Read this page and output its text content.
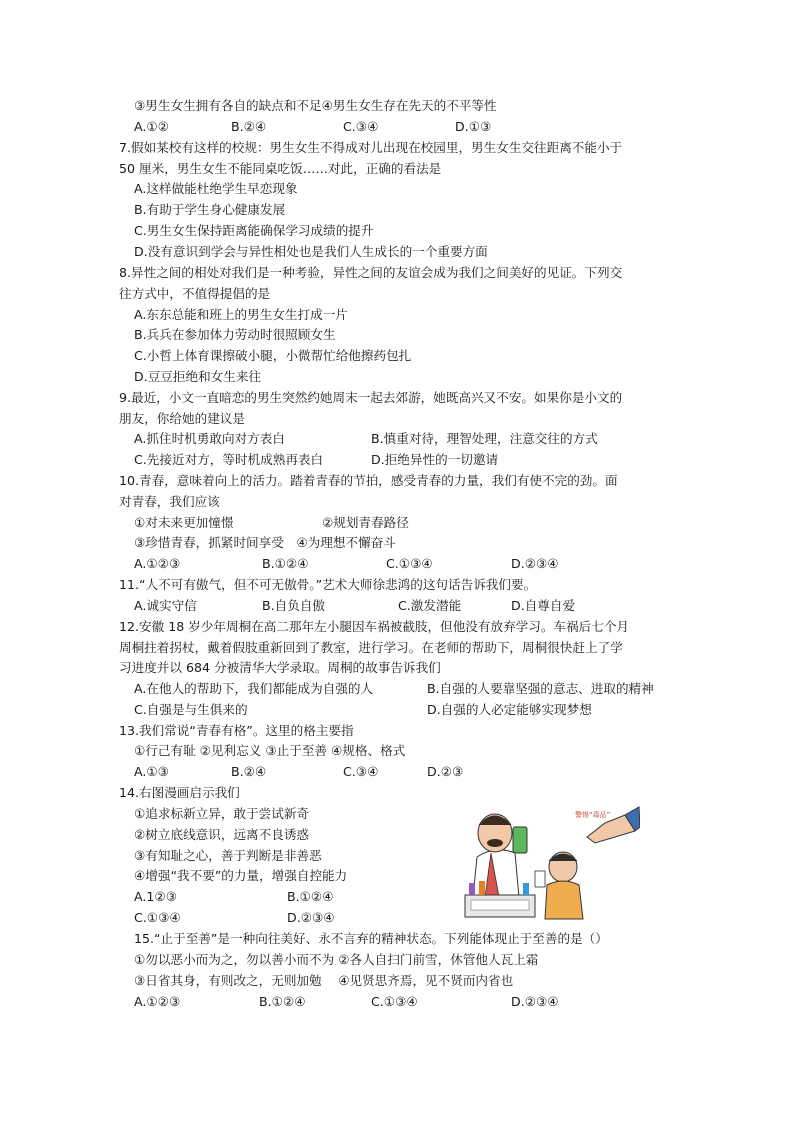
③男生女生拥有各自的缺点和不足④男生女生存在先天的不平等性
A.①②	B.②④	C.③④	D.①③
7.假如某校有这样的校规：男生女生不得成对儿出现在校园里，男生女生交往距离不能小于
50 厘米，男生女生不能同桌吃饭……对此，正确的看法是
A.这样做能杜绝学生早恋现象
B.有助于学生身心健康发展
C.男生女生保持距离能确保学习成绩的提升
D.没有意识到学会与异性相处也是我们人生成长的一个重要方面
8.异性之间的相处对我们是一种考验，异性之间的友谊会成为我们之间美好的见证。下列交
往方式中，不值得提倡的是
A.东东总能和班上的男生女生打成一片
B.兵兵在参加体力劳动时很照顾女生
C.小哲上体育课擦破小腿，小微帮忙给他擦药包扎
D.豆豆拒绝和女生来往
9.最近，小文一直暗恋的男生突然约她周末一起去郊游，她既高兴又不安。如果你是小文的
朋友，你给她的建议是
A.抓住时机勇敢向对方表白	B.慎重对待，理智处理，注意交往的方式
C.先接近对方，等时机成熟再表白	D.拒绝异性的一切邀请
10.青春，意味着向上的活力。踏着青春的节拍，感受青春的力量，我们有使不完的劲。面
对青春，我们应该
①对未来更加憧憬	②规划青春路径
③珍惜青春，抓紧时间享受　④为理想不懈奋斗
A.①②③	B.①②④	C.①③④	D.②③④
11.“人不可有傲气，但不可无傲骨。”艺术大师徐悲鸿的这句话告诉我们要。
A.诚实守信	B.自负自傲	C.激发潜能	D.自尊自爱
12.安徽 18 岁少年周桐在高二那年左小腿因车祸被截肢，但他没有放弃学习。车祸后七个月
周桐拄着拐杖，戴着假肢重新回到了教室，进行学习。在老师的帮助下，周桐很快赶上了学
习进度并以 684 分被清华大学录取。周桐的故事告诉我们
A.在他人的帮助下，我们都能成为自强的人	B.自强的人要靠坚强的意志、进取的精神
C.自强是与生俱来的	D.自强的人必定能够实现梦想
13.我们常说“青春有格”。这里的格主要指
①行己有耻 ②见利忘义 ③止于至善 ④规格、格式
A.①③	B.②④	C.③④	D.②③
14.右图漫画启示我们
①追求标新立异，敢于尝试新奇
②树立底线意识，远离不良诱惑
③有知耻之心，善于判断是非善恶
④增强“我不要”的力量，增强自控能力
A.1②③	B.①②④
C.①③④	D.②③④
警惕“毒品”
15.“止于至善”是一种向往美好、永不言弃的精神状态。下列能体现止于至善的是（）
①勿以恶小而为之，勿以善小而不为 ②各人自扫门前雪，休管他人瓦上霜
③日省其身，有则改之，无则加勉　 ④见贤思齐焉，见不贤而内省也
A.①②③	B.①②④	C.①③④	D.②③④
